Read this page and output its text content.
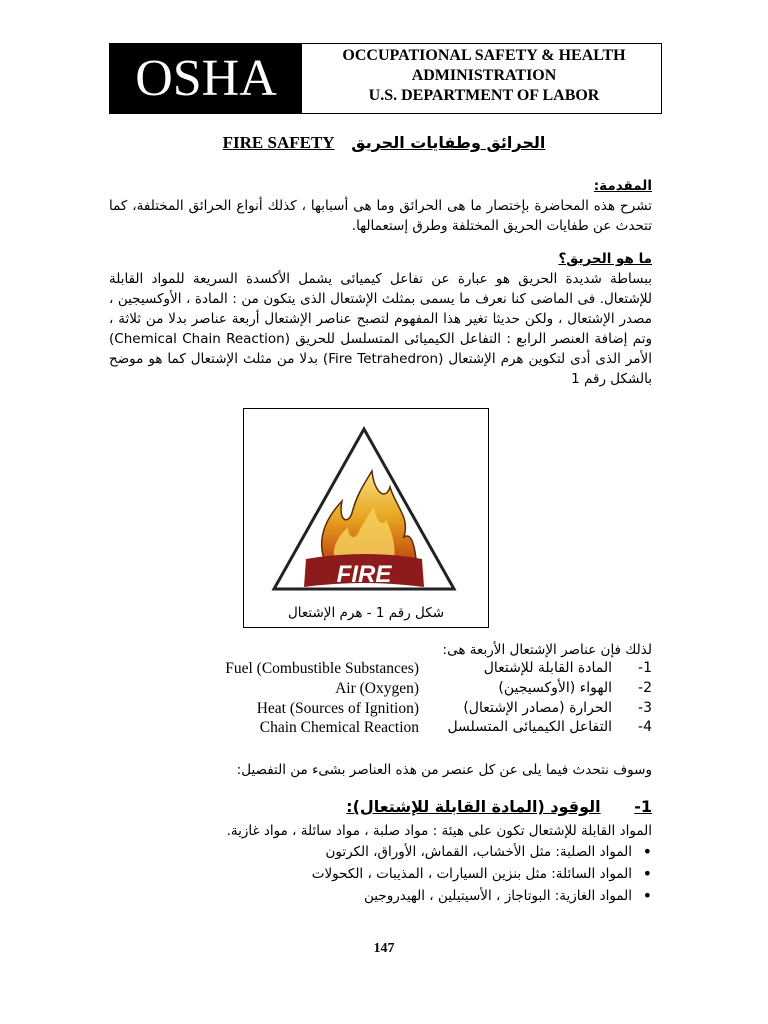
OSHA	OCCUPATIONAL SAFETY & HEALTH
ADMINISTRATION
U.S. DEPARTMENT OF LABOR
FIRE SAFETY الحرائق وطفايات الحريق
المقدمة:

تشرح هذه المحاضرة بإختصار ما هى الحرائق وما هى أسبابها ، كذلك أنواع الحرائق المختلفة، كما تتحدث عن طفايات الحريق المختلفة وطرق إستعمالها.

ما هو الحريق؟

ببساطة شديدة الحريق هو عبارة عن تفاعل كيميائى يشمل الأكسدة السريعة للمواد القابلة للإشتعال. فى الماضى كنا نعرف ما يسمى بمثلث الإشتعال الذى يتكون من : المادة ، الأوكسيجين ، مصدر الإشتعال ، ولكن حديثا تغير هذا المفهوم لتصبح عناصر الإشتعال أربعة عناصر بدلا من ثلاثة ، وتم إضافة العنصر الرابع : التفاعل الكيميائى المتسلسل للحريق (Chemical Chain Reaction) الأمر الذى أدى لتكوين هرم الإشتعال (Fire Tetrahedron) بدلا من مثلث الإشتعال كما هو موضح بالشكل رقم 1

FIRE
شكل رقم 1 - هرم الإشتعال
لذلك فإن عناصر الإشتعال الأربعة هى:
-1
المادة القابلة للإشتعال
Fuel (Combustible Substances)
-2
الهواء (الأوكسيجين)
Air (Oxygen)
-3
الحرارة (مصادر الإشتعال)
Heat (Sources of Ignition)
-4
التفاعل الكيميائى المتسلسل
Chain Chemical Reaction
وسوف نتحدث فيما يلى عن كل عنصر من هذه العناصر بشىء من التفصيل:
1- الوقود (المادة القابلة للإشتعال):
المواد القابلة للإشتعال تكون على هيئة : مواد صلبة ، مواد سائلة ، مواد غازية.
• المواد الصلبة: مثل الأخشاب، القماش، الأوراق، الكرتون
• المواد السائلة: مثل بنزين السيارات ، المذيبات ، الكحولات
• المواد الغازية: البوتاجاز ، الأسيتيلين ، الهيدروجين
147
